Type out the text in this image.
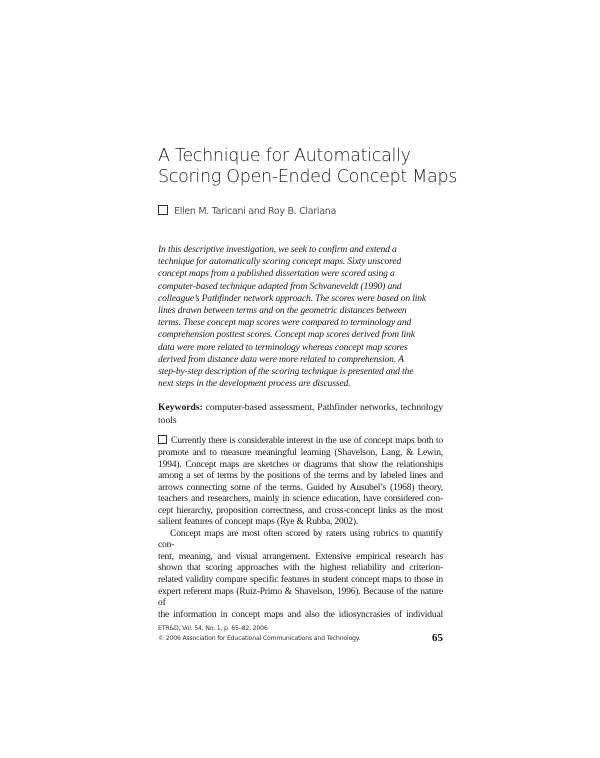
A Technique for Automatically
Scoring Open-Ended Concept Maps
Ellen M. Taricani and Roy B. Clariana
In this descriptive investigation, we seek to confirm and extend a
technique for automatically scoring concept maps. Sixty unscored
concept maps from a published dissertation were scored using a
computer-based technique adapted from Schvaneveldt (1990) and
colleague’s Pathfinder network approach. The scores were based on link
lines drawn between terms and on the geometric distances between
terms. These concept map scores were compared to terminology and
comprehension posttest scores. Concept map scores derived from link
data were more related to terminology whereas concept map scores
derived from distance data were more related to comprehension. A
step-by-step description of the scoring technique is presented and the
next steps in the development process are discussed.
Keywords: computer-based assessment, Pathfinder networks, technology
tools
Currently there is considerable interest in the use of concept maps both to
promote and to measure meaningful learning (Shavelson, Lang, & Lewin,
1994). Concept maps are sketches or diagrams that show the relationships
among a set of terms by the positions of the terms and by labeled lines and
arrows connecting some of the terms. Guided by Ausubel’s (1968) theory,
teachers and researchers, mainly in science education, have considered con-
cept hierarchy, proposition correctness, and cross-concept links as the most
salient features of concept maps (Rye & Rubba, 2002).
Concept maps are most often scored by raters using rubrics to quantify con-
tent, meaning, and visual arrangement. Extensive empirical research has
shown that scoring approaches with the highest reliability and criterion-
related validity compare specific features in student concept maps to those in
expert referent maps (Ruiz-Primo & Shavelson, 1996). Because of the nature of
the information in concept maps and also the idiosyncrasies of individual
ETR&D, Vol. 54, No. 1, p. 65–82, 2006
© 2006 Association for Educational Communications and Technology.	65
